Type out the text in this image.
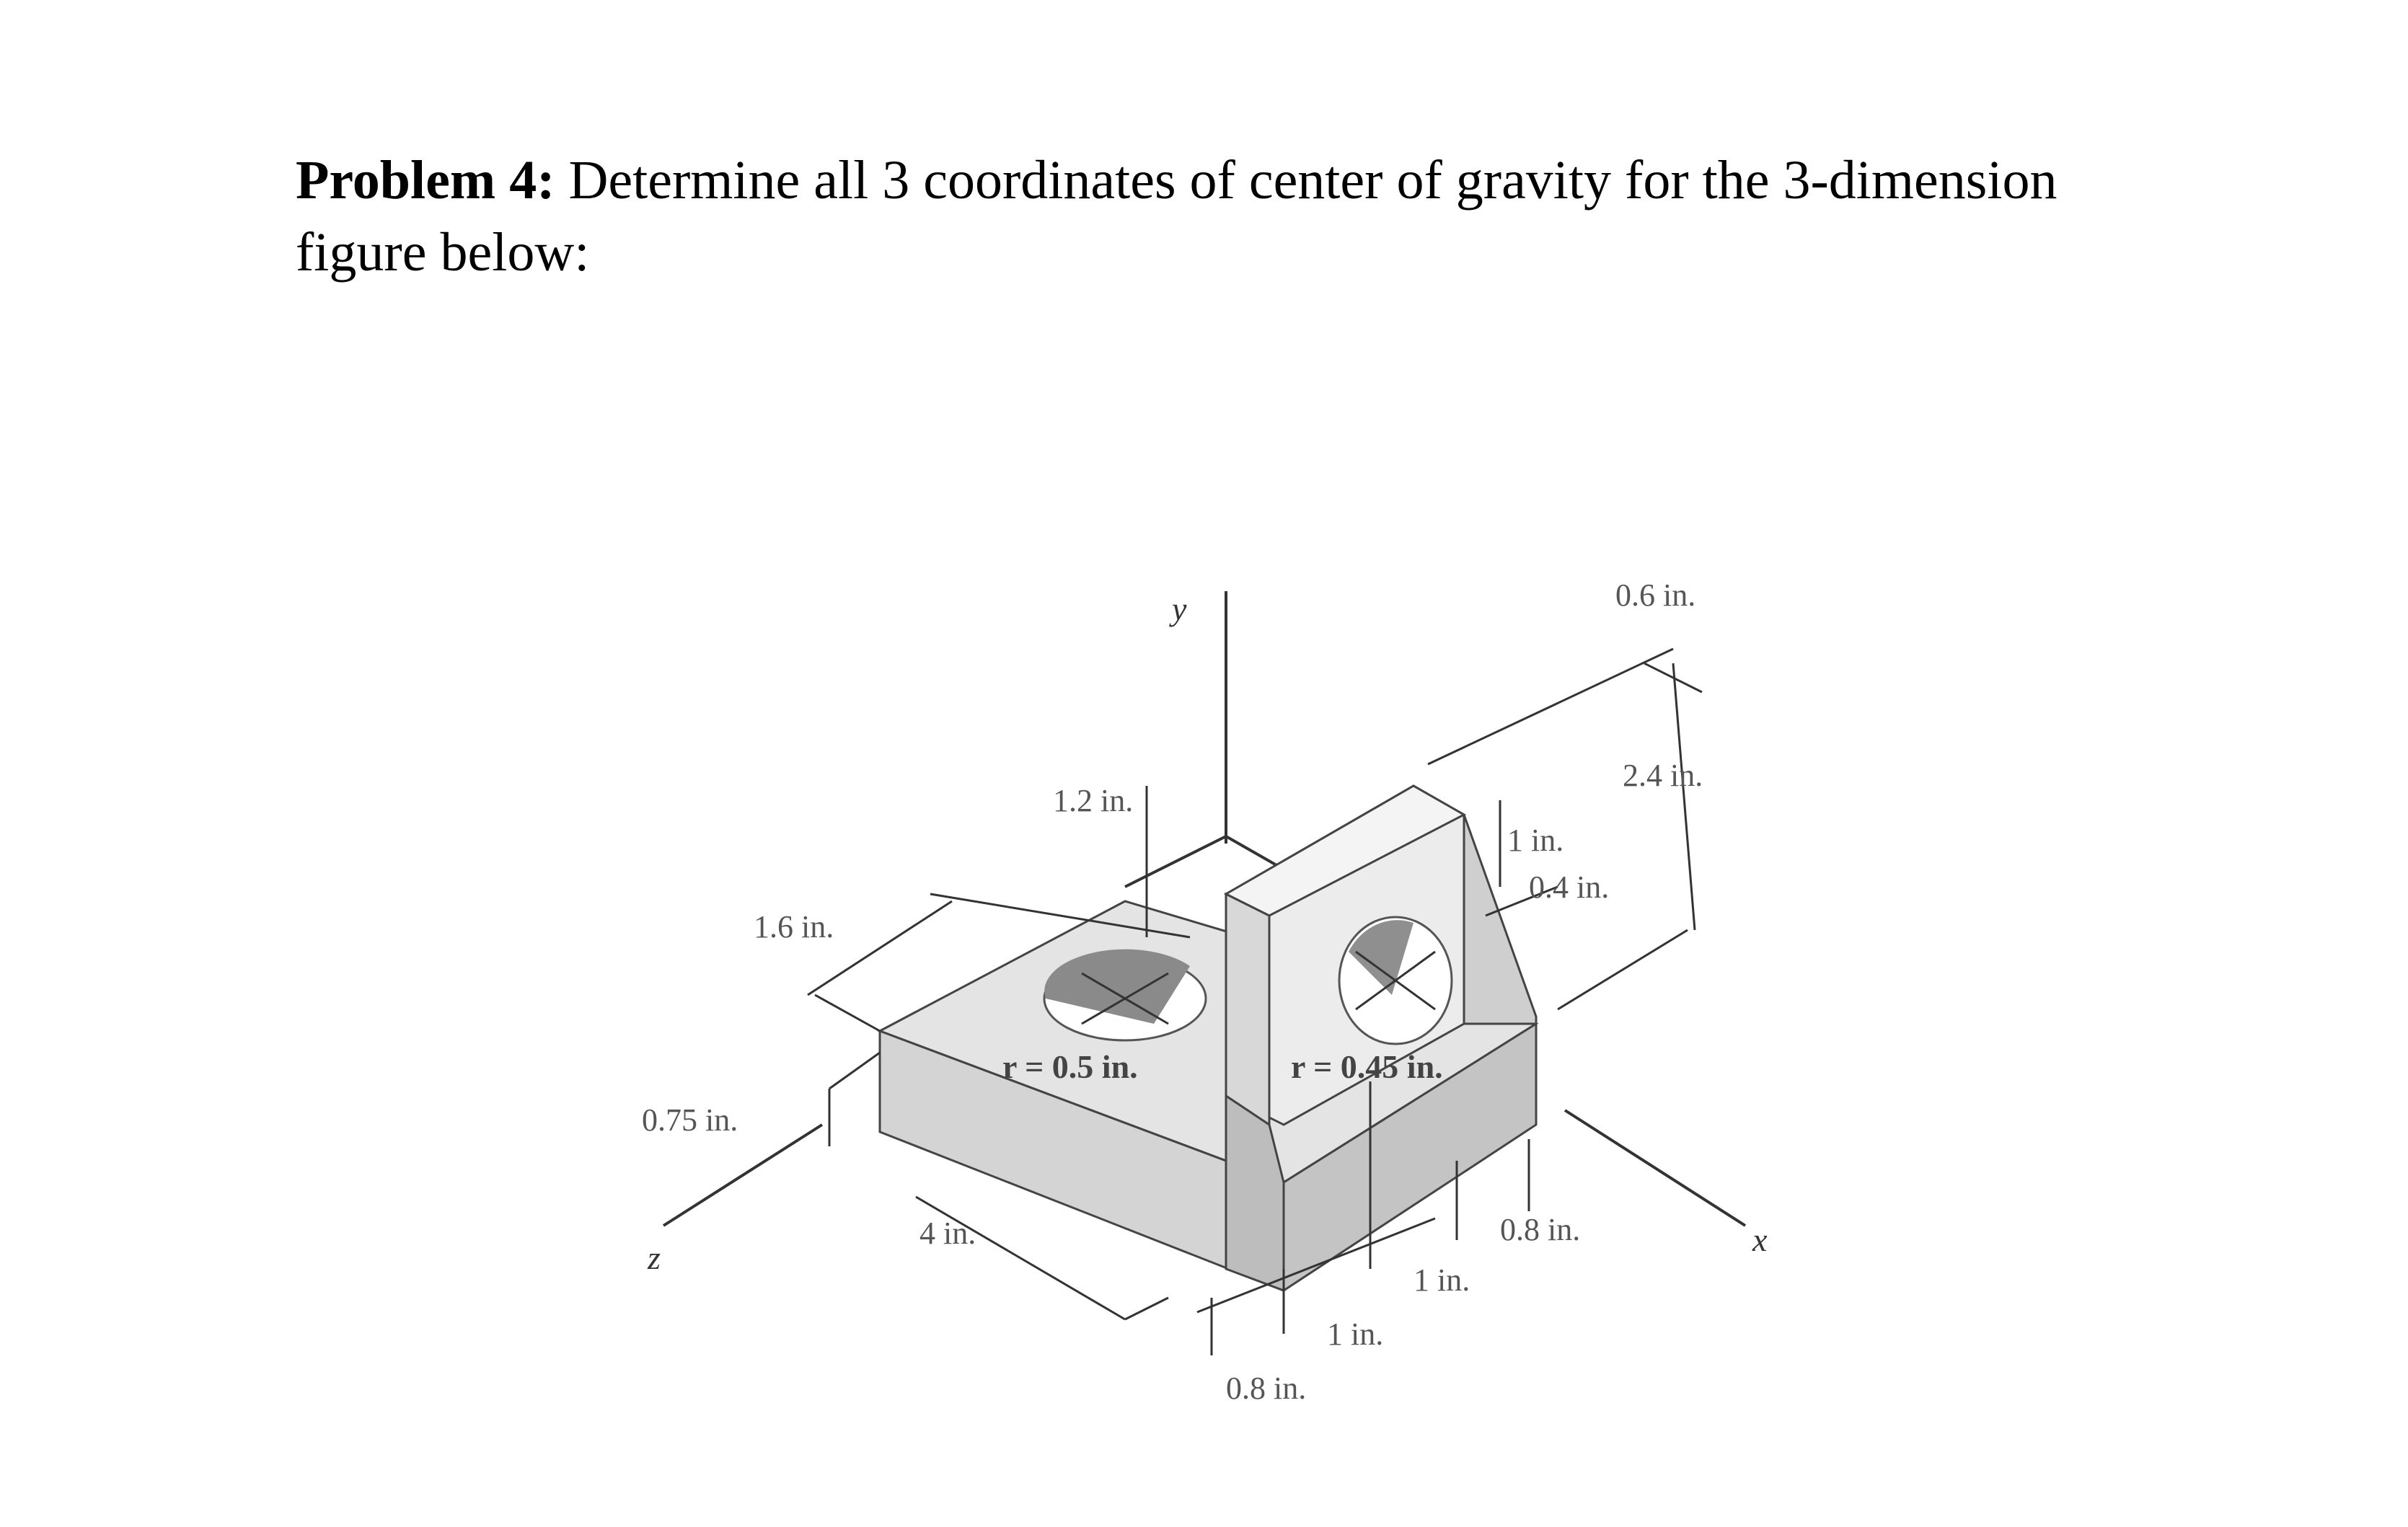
Problem 4: Determine all 3 coordinates of center of gravity for the 3-dimension figure below:
y
x
z
0.6 in.
2.4 in.
1 in.
0.4 in.
1.2 in.
1.6 in.
0.75 in.
4 in.
r = 0.5 in.	r = 0.45 in.
0.8 in.
1 in.
1 in.
0.8 in.
